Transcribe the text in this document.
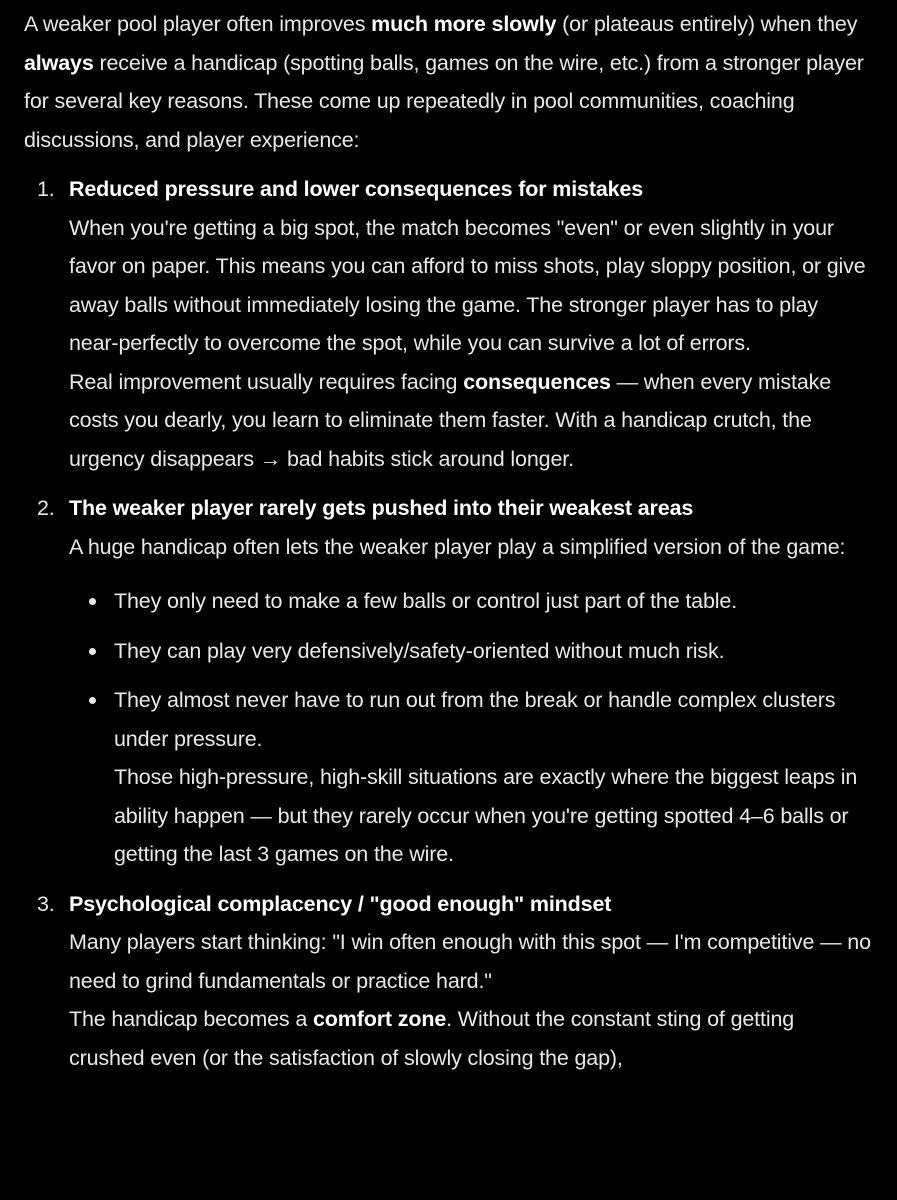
A weaker pool player often improves much more slowly (or plateaus entirely) when they always receive a handicap (spotting balls, games on the wire, etc.) from a stronger player for several key reasons. These come up repeatedly in pool communities, coaching discussions, and player experience:

1. Reduced pressure and lower consequences for mistakes

When you're getting a big spot, the match becomes "even" or even slightly in your favor on paper. This means you can afford to miss shots, play sloppy position, or give away balls without immediately losing the game. The stronger player has to play near-perfectly to overcome the spot, while you can survive a lot of errors.

Real improvement usually requires facing consequences — when every mistake costs you dearly, you learn to eliminate them faster. With a handicap crutch, the urgency disappears → bad habits stick around longer.

2. The weaker player rarely gets pushed into their weakest areas

A huge handicap often lets the weaker player play a simplified version of the game:

They only need to make a few balls or control just part of the table.
They can play very defensively/safety-oriented without much risk.
They almost never have to run out from the break or handle complex clusters under pressure.
Those high-pressure, high-skill situations are exactly where the biggest leaps in ability happen — but they rarely occur when you're getting spotted 4–6 balls or getting the last 3 games on the wire.
3. Psychological complacency / "good enough" mindset

Many players start thinking: "I win often enough with this spot — I'm competitive — no need to grind fundamentals or practice hard."

The handicap becomes a comfort zone. Without the constant sting of getting crushed even (or the satisfaction of slowly closing the gap),
